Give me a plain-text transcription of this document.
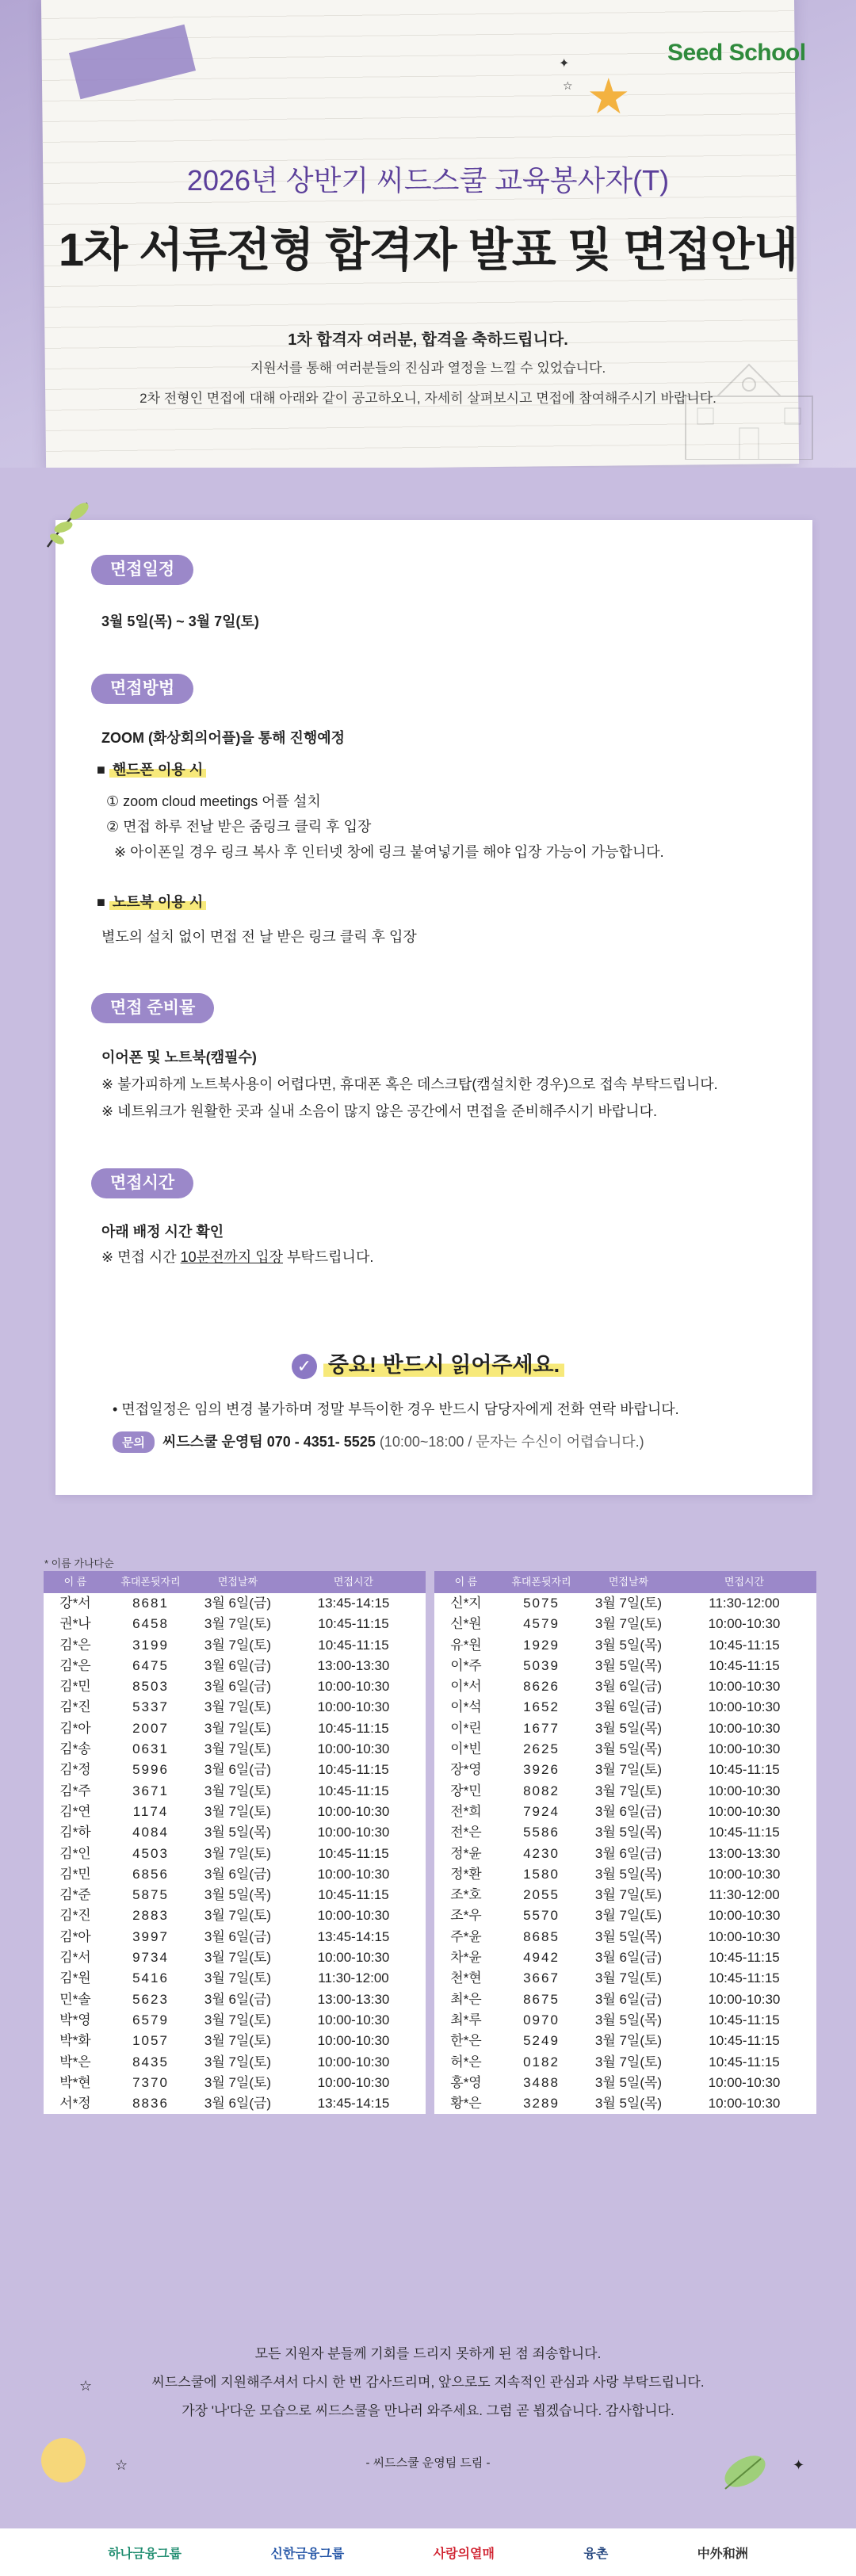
Seed School
✦
☆ ★
2026년 상반기 씨드스쿨 교육봉사자(T)
1차 서류전형 합격자 발표 및 면접안내
1차 합격자 여러분, 합격을 축하드립니다.
지원서를 통해 여러분들의 진심과 열정을 느낄 수 있었습니다.
2차 전형인 면접에 대해 아래와 같이 공고하오니, 자세히 살펴보시고 면접에 참여해주시기 바랍니다.
면접일정
3월 5일(목) ~ 3월 7일(토)
면접방법
ZOOM (화상회의어플)을 통해 진행예정
■ 핸드폰 이용 시
① zoom cloud meetings 어플 설치
② 면접 하루 전날 받은 줌링크 클릭 후 입장
※ 아이폰일 경우 링크 복사 후 인터넷 창에 링크 붙여넣기를 해야 입장 가능이 가능합니다.
■ 노트북 이용 시
별도의 설치 없이 면접 전 날 받은 링크 클릭 후 입장
면접 준비물
이어폰 및 노트북(캠필수)
※ 불가피하게 노트북사용이 어렵다면, 휴대폰 혹은 데스크탑(캠설치한 경우)으로 접속 부탁드립니다.
※ 네트워크가 원활한 곳과 실내 소음이 많지 않은 공간에서 면접을 준비해주시기 바랍니다.
면접시간
아래 배정 시간 확인
※ 면접 시간 10분전까지 입장 부탁드립니다.
✓ 중요! 반드시 읽어주세요.
• 면접일정은 임의 변경 불가하며 정말 부득이한 경우 반드시 담당자에게 전화 연락 바랍니다.
문의 씨드스쿨 운영팀 070 - 4351- 5525 (10:00~18:00 / 문자는 수신이 어렵습니다.)
* 이름 가나다순
이 름	휴대폰뒷자리	면접날짜	면접시간
강*서	8681	3월 6일(금)	13:45-14:15
권*나	6458	3월 7일(토)	10:45-11:15
김*은	3199	3월 7일(토)	10:45-11:15
김*은	6475	3월 6일(금)	13:00-13:30
김*민	8503	3월 6일(금)	10:00-10:30
김*진	5337	3월 7일(토)	10:00-10:30
김*아	2007	3월 7일(토)	10:45-11:15
김*송	0631	3월 7일(토)	10:00-10:30
김*정	5996	3월 6일(금)	10:45-11:15
김*주	3671	3월 7일(토)	10:45-11:15
김*연	1174	3월 7일(토)	10:00-10:30
김*하	4084	3월 5일(목)	10:00-10:30
김*인	4503	3월 7일(토)	10:45-11:15
김*민	6856	3월 6일(금)	10:00-10:30
김*준	5875	3월 5일(목)	10:45-11:15
김*진	2883	3월 7일(토)	10:00-10:30
김*아	3997	3월 6일(금)	13:45-14:15
김*서	9734	3월 7일(토)	10:00-10:30
김*원	5416	3월 7일(토)	11:30-12:00
민*솔	5623	3월 6일(금)	13:00-13:30
박*영	6579	3월 7일(토)	10:00-10:30
박*화	1057	3월 7일(토)	10:00-10:30
박*은	8435	3월 7일(토)	10:00-10:30
박*현	7370	3월 7일(토)	10:00-10:30
서*정	8836	3월 6일(금)	13:45-14:15
이 름	휴대폰뒷자리	면접날짜	면접시간
신*지	5075	3월 7일(토)	11:30-12:00
신*원	4579	3월 7일(토)	10:00-10:30
유*원	1929	3월 5일(목)	10:45-11:15
이*주	5039	3월 5일(목)	10:45-11:15
이*서	8626	3월 6일(금)	10:00-10:30
이*석	1652	3월 6일(금)	10:00-10:30
이*린	1677	3월 5일(목)	10:00-10:30
이*빈	2625	3월 5일(목)	10:00-10:30
장*영	3926	3월 7일(토)	10:45-11:15
장*민	8082	3월 7일(토)	10:00-10:30
전*희	7924	3월 6일(금)	10:00-10:30
전*은	5586	3월 5일(목)	10:45-11:15
정*윤	4230	3월 6일(금)	13:00-13:30
정*환	1580	3월 5일(목)	10:00-10:30
조*호	2055	3월 7일(토)	11:30-12:00
조*우	5570	3월 7일(토)	10:00-10:30
주*윤	8685	3월 5일(목)	10:00-10:30
차*윤	4942	3월 6일(금)	10:45-11:15
천*현	3667	3월 7일(토)	10:45-11:15
최*은	8675	3월 6일(금)	10:00-10:30
최*루	0970	3월 5일(목)	10:45-11:15
한*은	5249	3월 7일(토)	10:45-11:15
허*은	0182	3월 7일(토)	10:45-11:15
홍*영	3488	3월 5일(목)	10:00-10:30
황*은	3289	3월 5일(목)	10:00-10:30
모든 지원자 분들께 기회를 드리지 못하게 된 점 죄송합니다.
씨드스쿨에 지원해주셔서 다시 한 번 감사드리며, 앞으로도 지속적인 관심과 사랑 부탁드립니다.
가장 '나'다운 모습으로 씨드스쿨을 만나러 와주세요. 그럼 곧 뵙겠습니다. 감사합니다.
- 씨드스쿨 운영팀 드림 -
☆
☆	✦
하나금융그룹	신한금융그룹	사랑의열매	융촌	中外和洲
